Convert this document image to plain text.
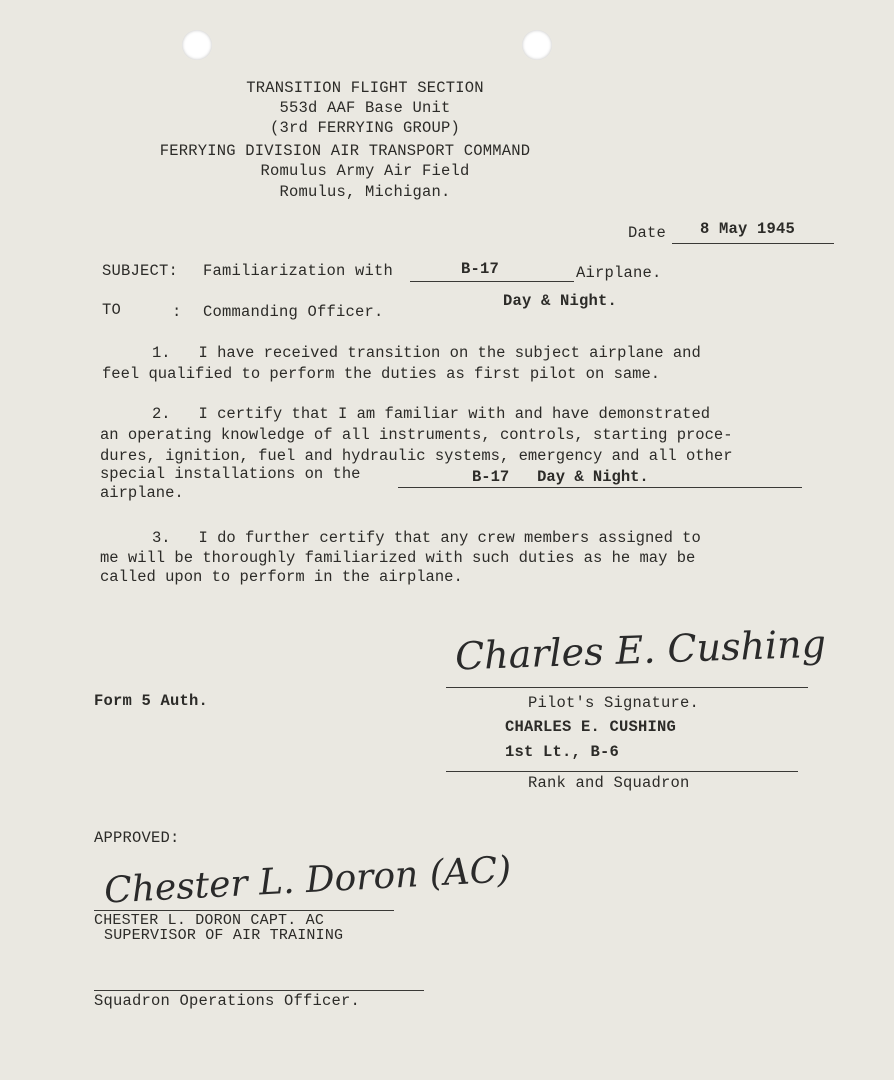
TRANSITION FLIGHT SECTION
553d AAF Base Unit
(3rd FERRYING GROUP)
FERRYING DIVISION AIR TRANSPORT COMMAND
Romulus Army Air Field
Romulus, Michigan.
Date 8 May 1945
SUBJECT: Familiarization with	B-17	Airplane.
Day & Night.
TO	: Commanding Officer.
1.   I have received transition on the subject airplane and
feel qualified to perform the duties as first pilot on same.
2.   I certify that I am familiar with and have demonstrated
an operating knowledge of all instruments, controls, starting proce-
dures, ignition, fuel and hydraulic systems, emergency and all other
special installations on the	B-17   Day & Night.
airplane.
3.   I do further certify that any crew members assigned to
me will be thoroughly familiarized with such duties as he may be
called upon to perform in the airplane.
Charles E. Cushing
Pilot's Signature.
CHARLES E. CUSHING
1st Lt., B-6
Rank and Squadron
Form 5 Auth.
APPROVED:
Chester L. Doron (AC)
CHESTER L. DORON CAPT. AC
SUPERVISOR OF AIR TRAINING
Squadron Operations Officer.
